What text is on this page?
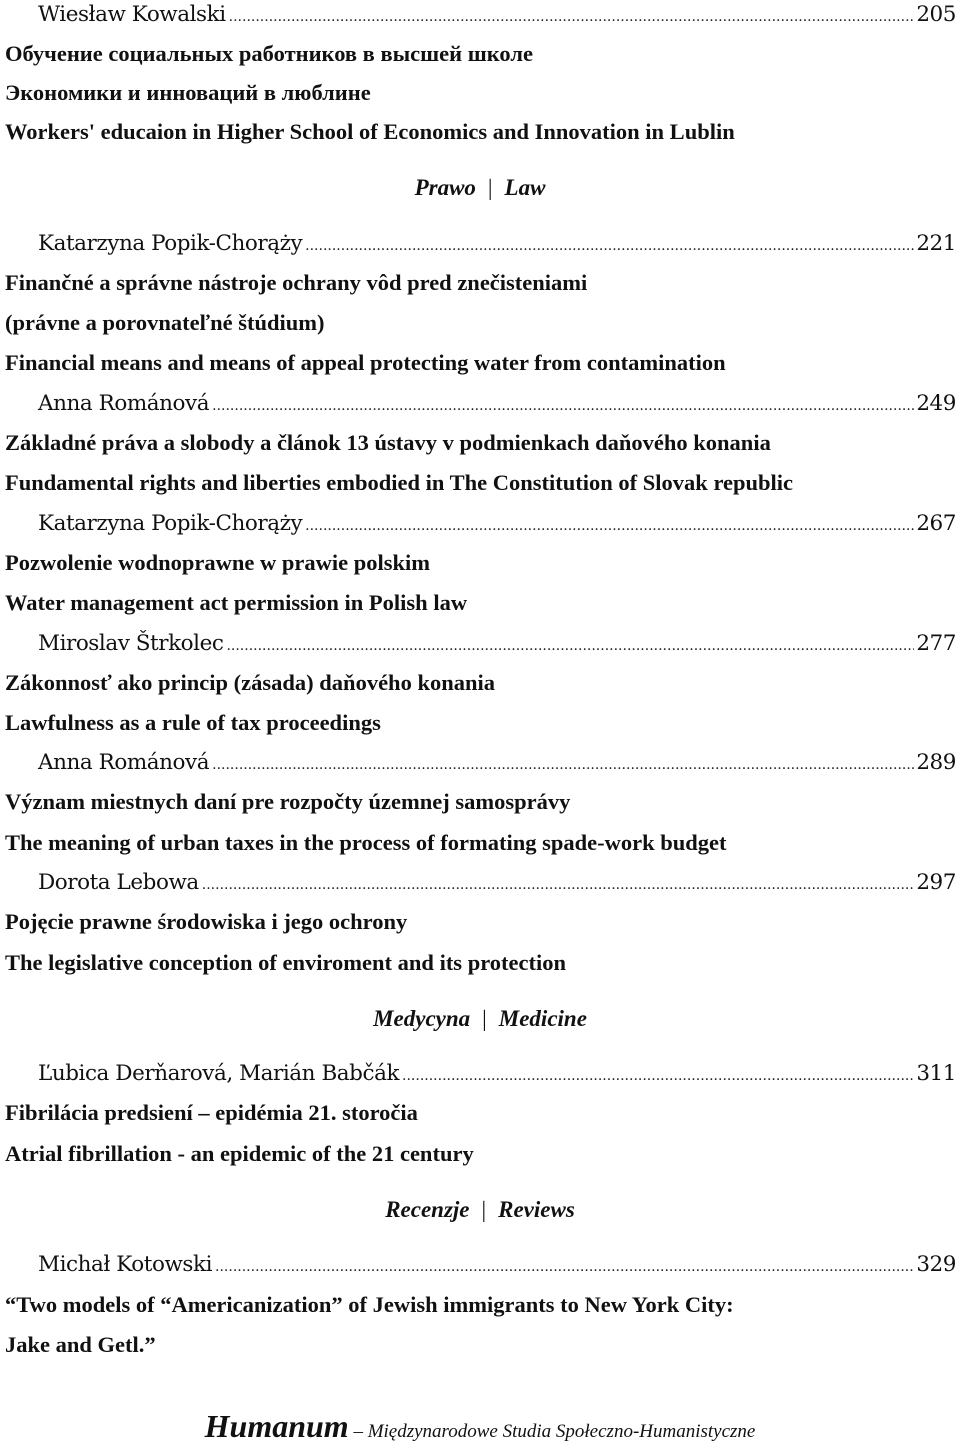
Wiesław Kowalski .....	205
Обучение социальных работников в высшей школе
Экономики и инноваций в люблине
Workers' educaion in Higher School of Economics and Innovation in Lublin
Prawo | Law
Katarzyna Popik-Chorąży .....	221
Finančné a správne nástroje ochrany vôd pred znečisteniami
(právne a porovnateľné štúdium)
Financial means and means of appeal protecting water from contamination
Anna Románová .....	249
Základné práva a slobody a článok 13 ústavy v podmienkach daňového konania
Fundamental rights and liberties embodied in The Constitution of Slovak republic
Katarzyna Popik-Chorąży .....	267
Pozwolenie wodnoprawne w prawie polskim
Water management act permission in Polish law
Miroslav Štrkolec .....	277
Zákonnosť ako princip (zásada) daňového konania
Lawfulness as a rule of tax proceedings
Anna Románová .....	289
Význam miestnych daní pre rozpočty územnej samosprávy
The meaning of urban taxes in the process of formating spade-work budget
Dorota Lebowa .....	297
Pojęcie prawne środowiska i jego ochrony
The legislative conception of enviroment and its protection
Medycyna | Medicine
Ľubica Derňarová, Marián Babčák .....	311
Fibrilácia predsiení – epidémia 21. storočia
Atrial fibrillation - an epidemic of the 21 century
Recenzje | Reviews
Michał Kotowski .....	329
“Two models of “Americanization” of Jewish immigrants to New York City:
Jake and Getl.”
Humanum – Międzynarodowe Studia Społeczno-Humanistyczne
